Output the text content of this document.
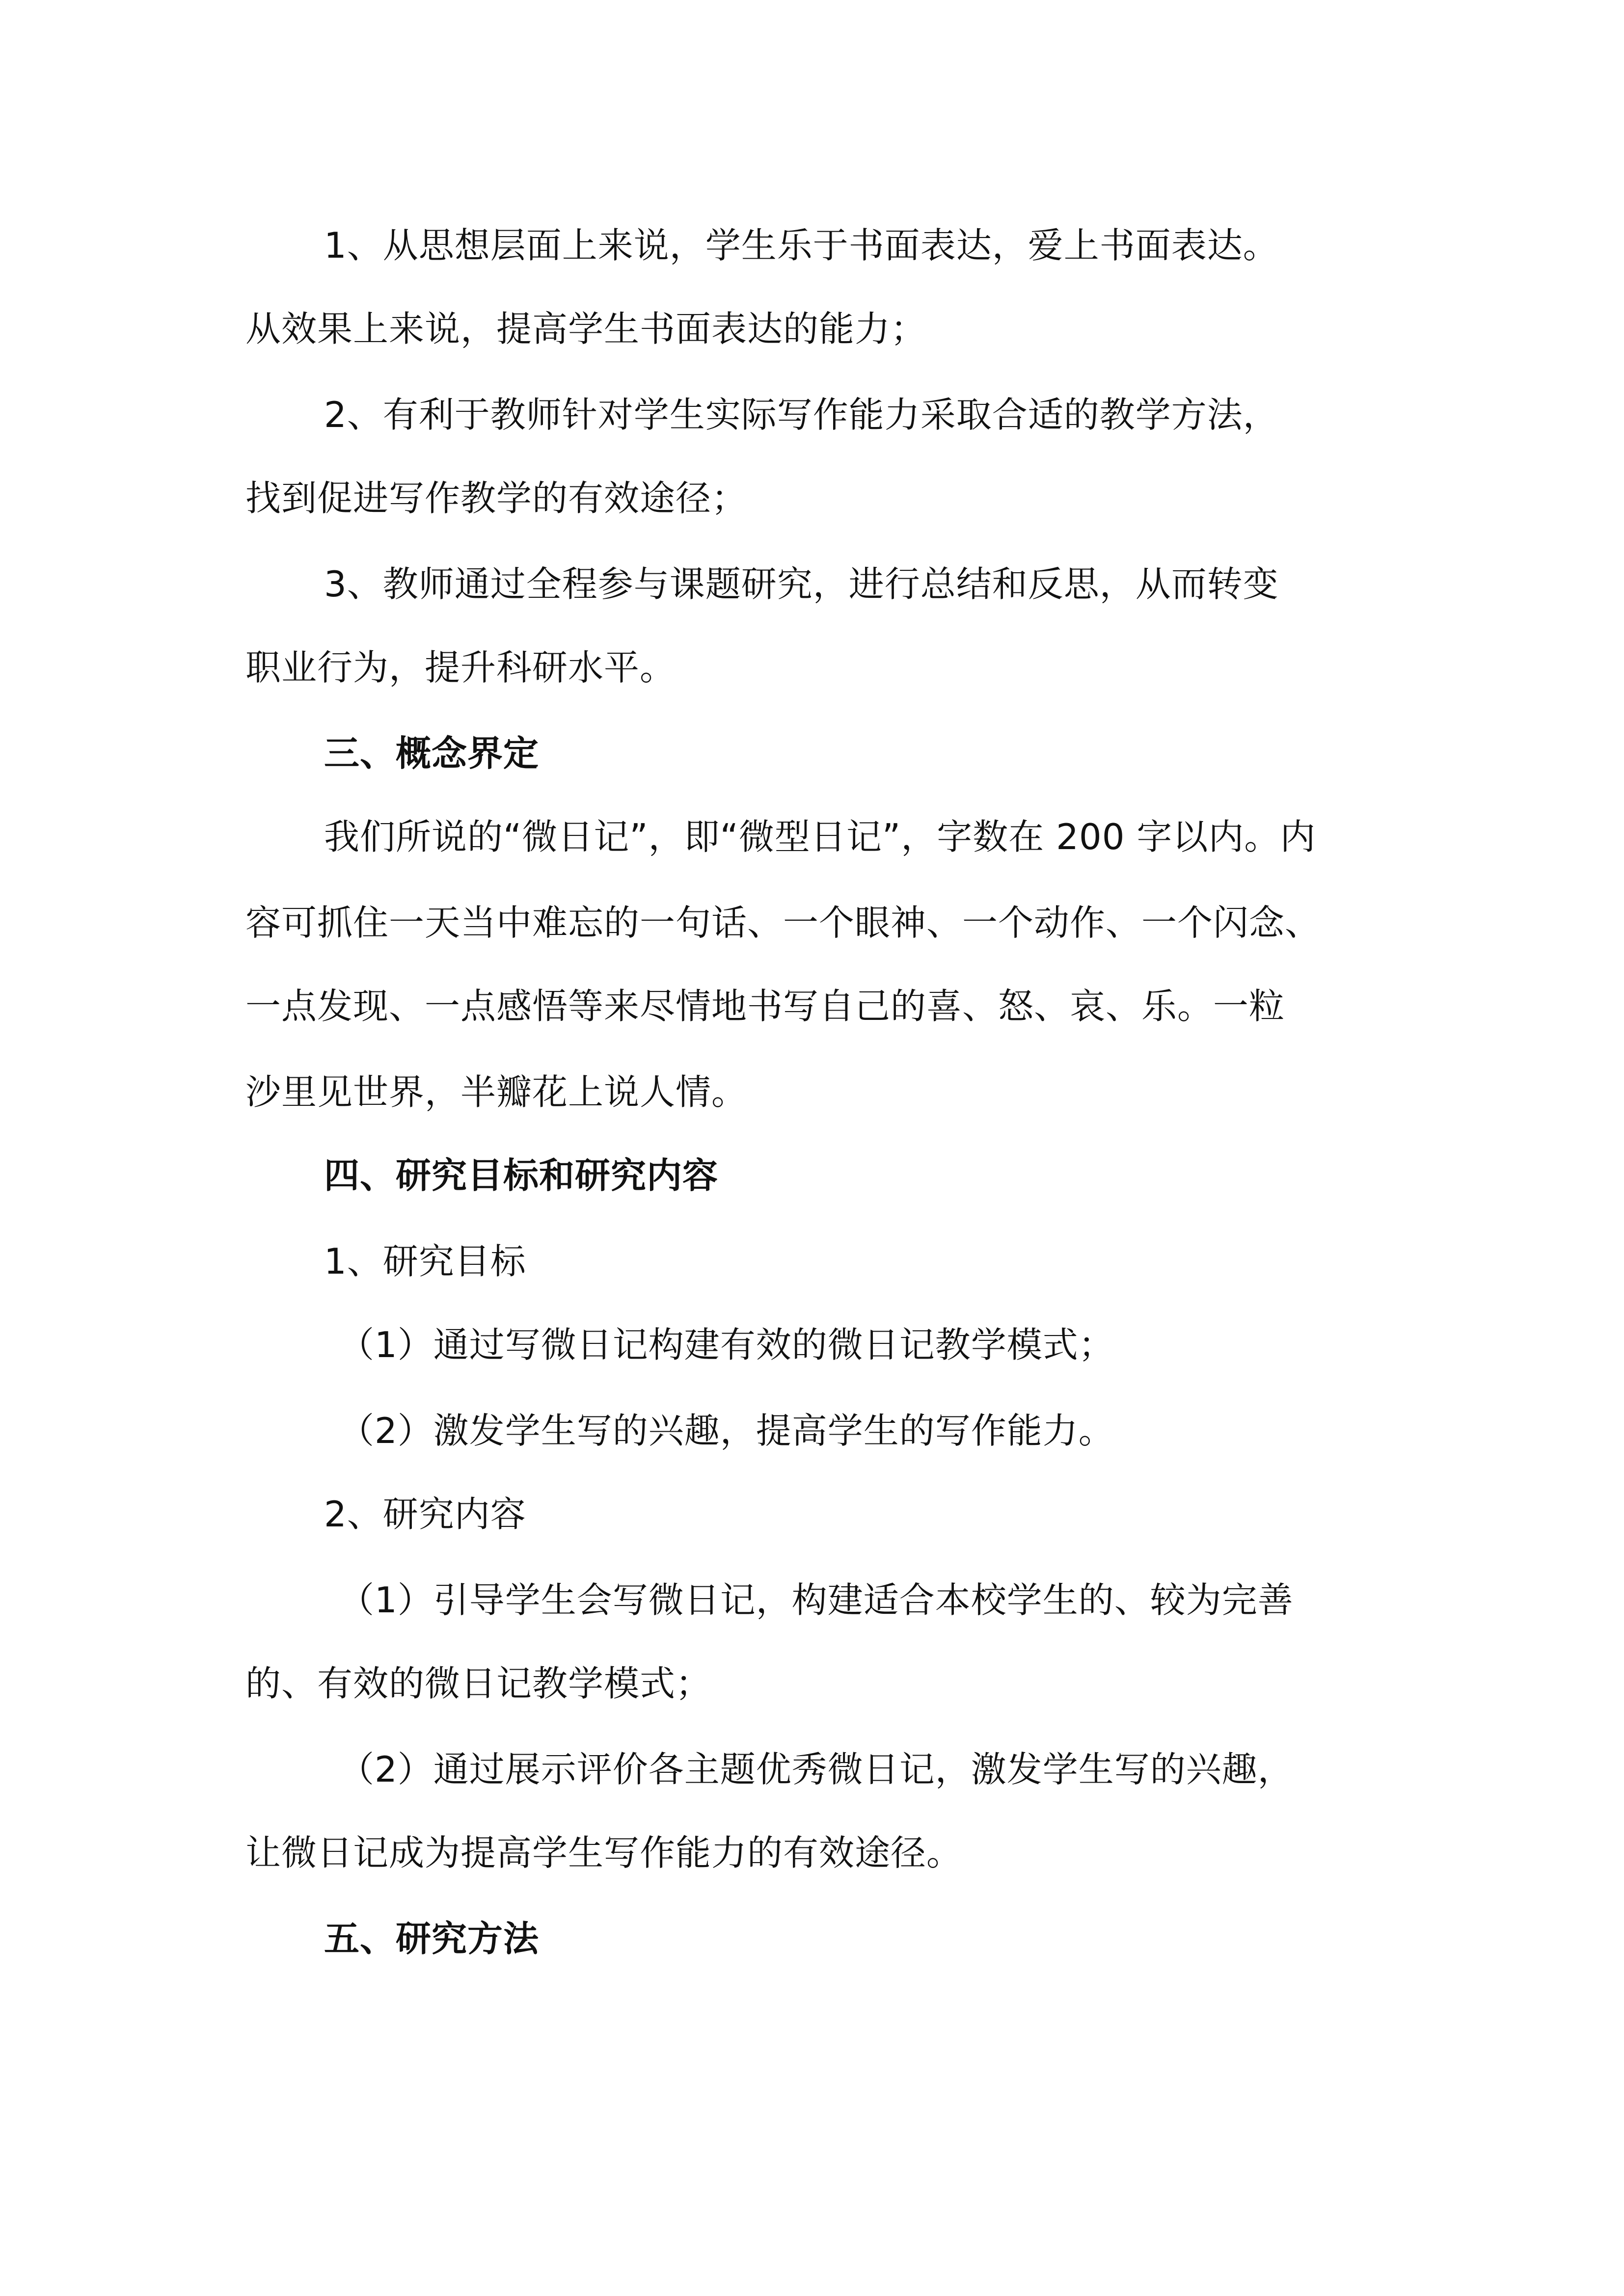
1、从思想层面上来说，学生乐于书面表达，爱上书面表达。
从效果上来说，提高学生书面表达的能力；
2、有利于教师针对学生实际写作能力采取合适的教学方法，
找到促进写作教学的有效途径；
3、教师通过全程参与课题研究，进行总结和反思，从而转变
职业行为，提升科研水平。
三、概念界定
我们所说的“微日记”，即“微型日记”，字数在 200 字以内。内
容可抓住一天当中难忘的一句话、一个眼神、一个动作、一个闪念、
一点发现、一点感悟等来尽情地书写自己的喜、怒、哀、乐。一粒
沙里见世界，半瓣花上说人情。
四、研究目标和研究内容
1、研究目标
（1）通过写微日记构建有效的微日记教学模式；
（2）激发学生写的兴趣，提高学生的写作能力。
2、研究内容
（1）引导学生会写微日记，构建适合本校学生的、较为完善
的、有效的微日记教学模式；
（2）通过展示评价各主题优秀微日记，激发学生写的兴趣，
让微日记成为提高学生写作能力的有效途径。
五、研究方法
